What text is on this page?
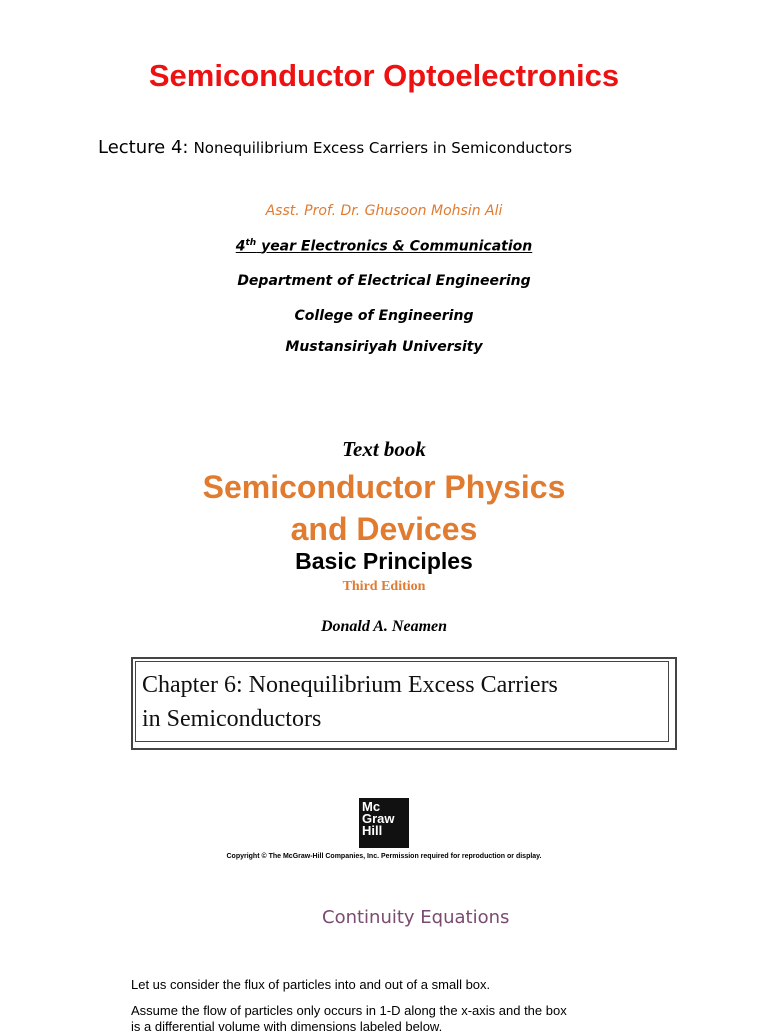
Semiconductor Optoelectronics
Lecture 4: Nonequilibrium Excess Carriers in Semiconductors
Asst. Prof. Dr. Ghusoon Mohsin Ali
4th year Electronics & Communication
Department of Electrical Engineering
College of Engineering
Mustansiriyah University
Text book
Semiconductor Physics
and Devices
Basic Principles
Third Edition
Donald A. Neamen
Chapter 6: Nonequilibrium Excess Carriers
in Semiconductors
Mc
Graw
Hill
Copyright © The McGraw-Hill Companies, Inc. Permission required for reproduction or display.
Continuity Equations
Let us consider the flux of particles into and out of a small box.
Assume the flow of particles only occurs in 1-D along the x-axis and the box
is a differential volume with dimensions labeled below.
